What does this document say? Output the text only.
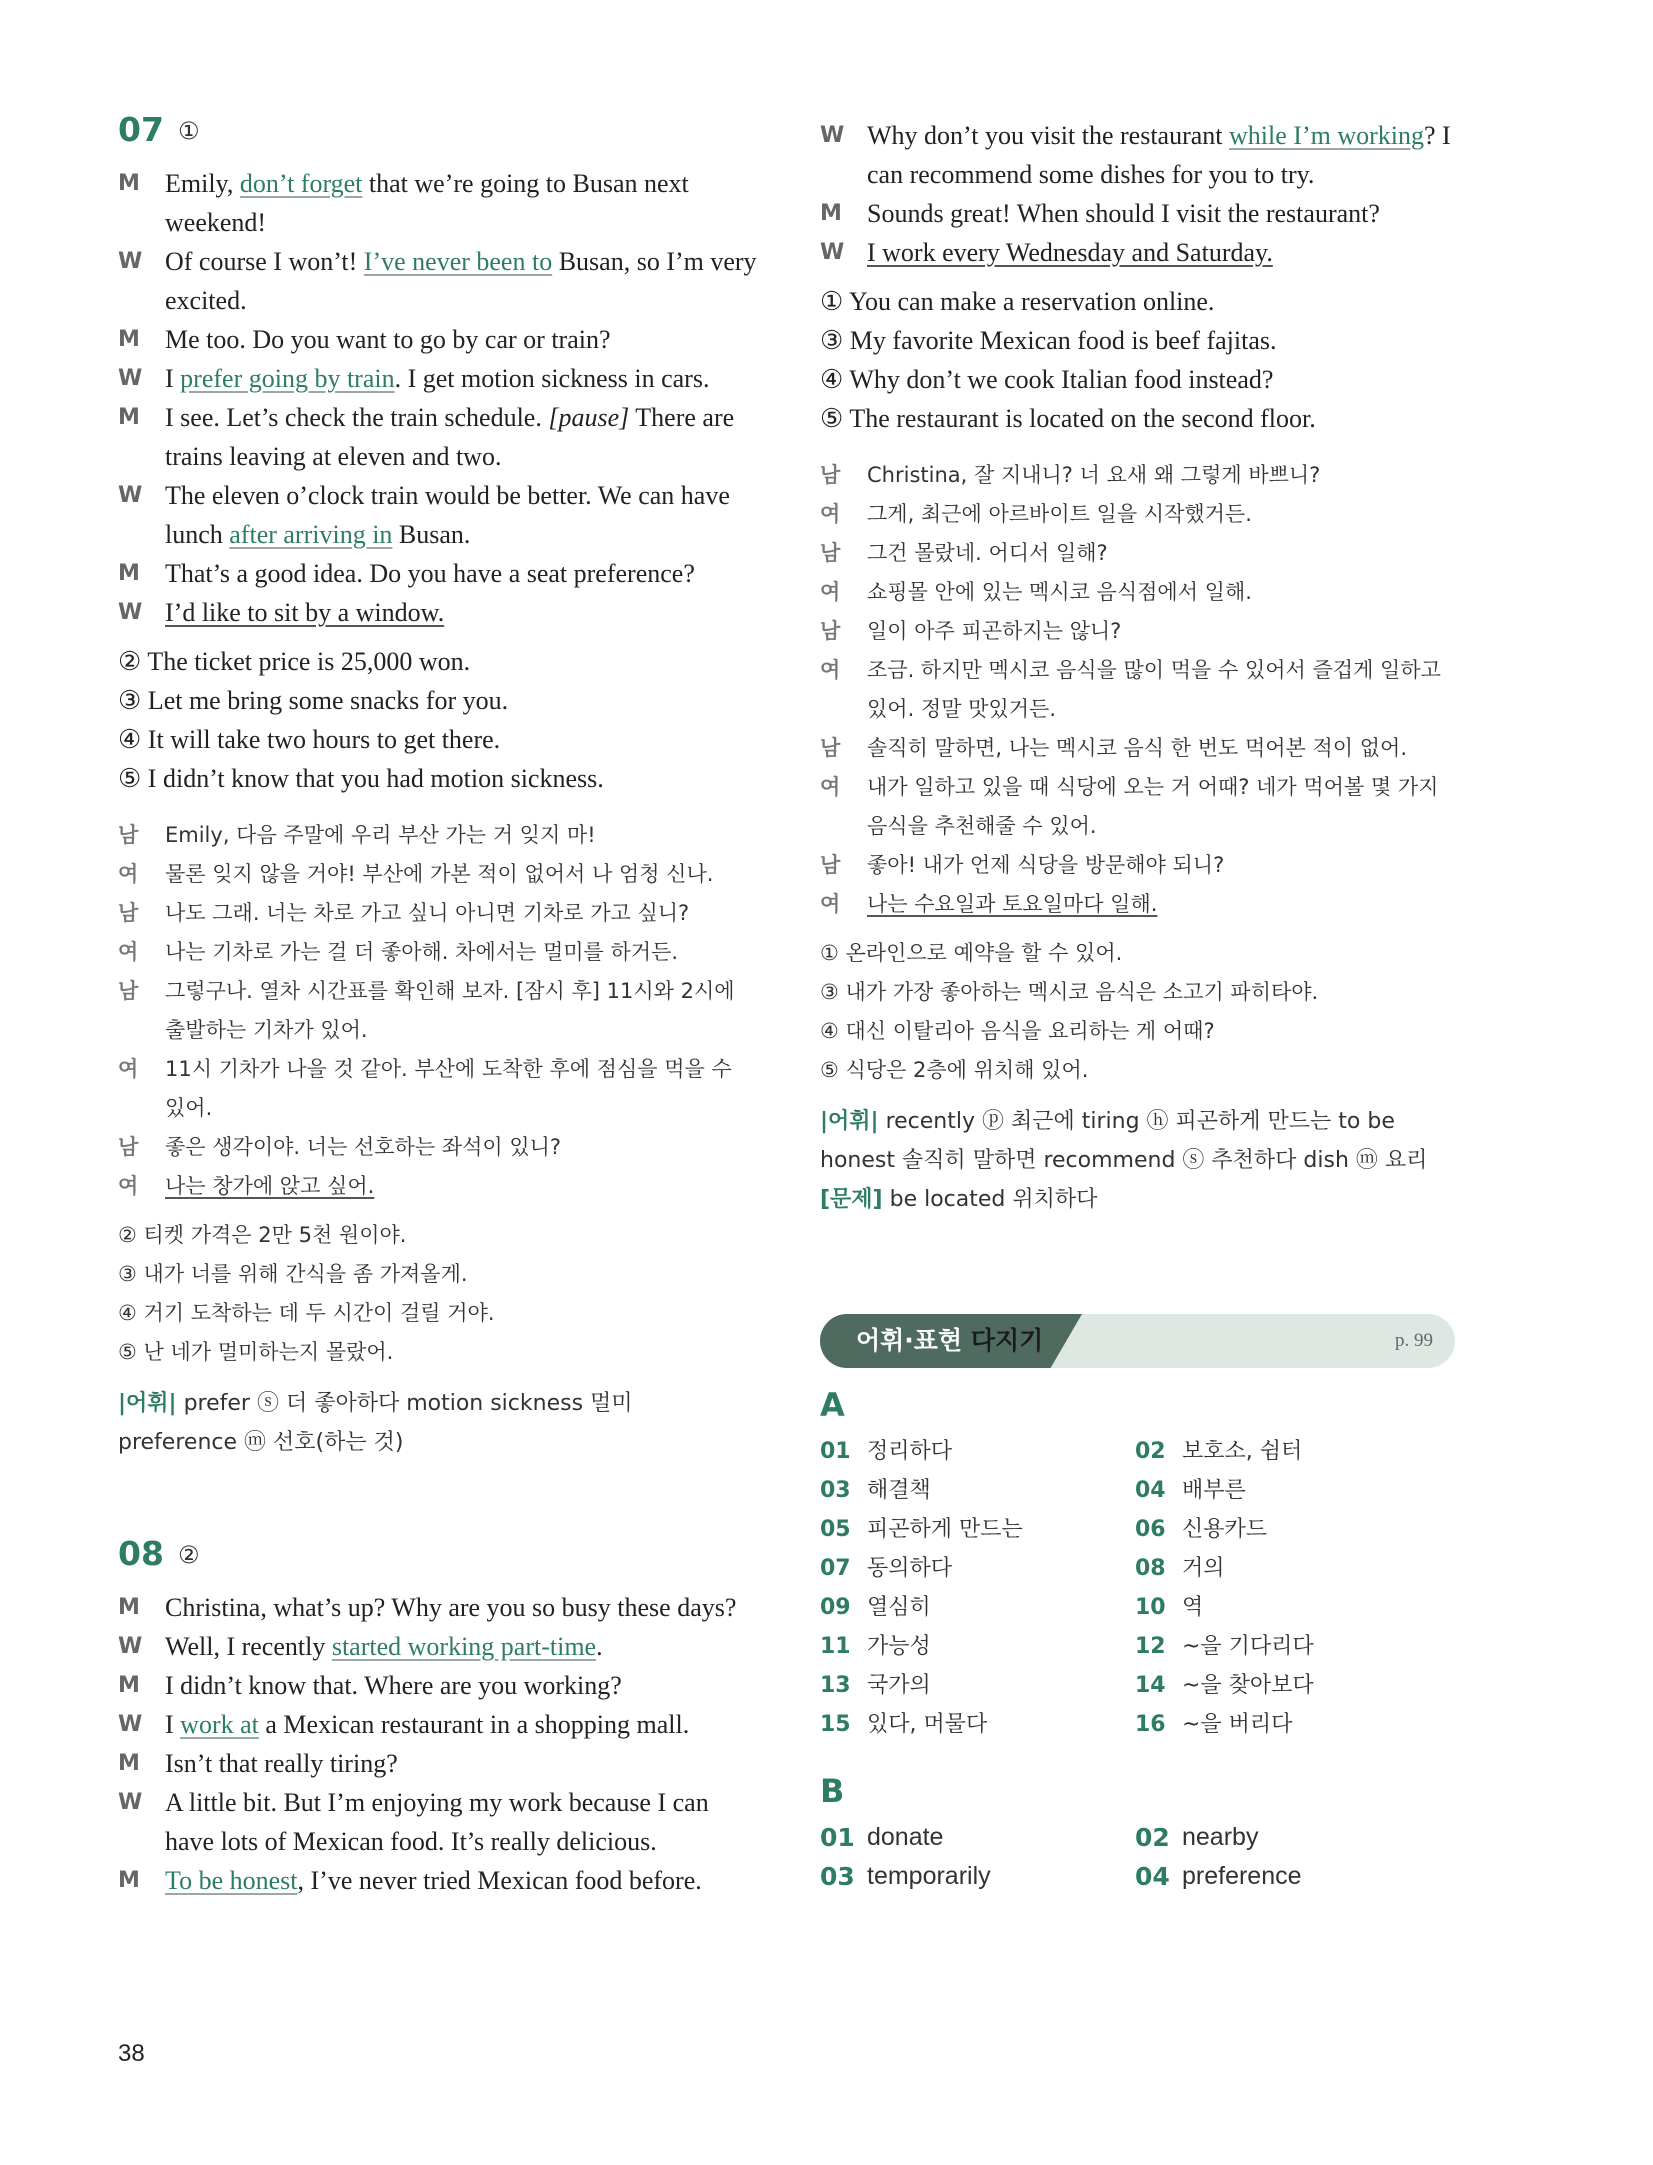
07 ①
M Emily, don’t forget that we’re going to Busan next weekend!
W Of course I won’t! I’ve never been to Busan, so I’m very excited.
M Me too. Do you want to go by car or train?
W I prefer going by train. I get motion sickness in cars.
M I see. Let’s check the train schedule. [pause] There are trains leaving at eleven and two.
W The eleven o’clock train would be better. We can have lunch after arriving in Busan.
M That’s a good idea. Do you have a seat preference?
W I’d like to sit by a window.
② The ticket price is 25,000 won.
③ Let me bring some snacks for you.
④ It will take two hours to get there.
⑤ I didn’t know that you had motion sickness.
남	Emily, 다음 주말에 우리 부산 가는 거 잊지 마!
여	물론 잊지 않을 거야! 부산에 가본 적이 없어서 나 엄청 신나.
남	나도 그래. 너는 차로 가고 싶니 아니면 기차로 가고 싶니?
여	나는 기차로 가는 걸 더 좋아해. 차에서는 멀미를 하거든.
남	그렇구나. 열차 시간표를 확인해 보자. [잠시 후] 11시와 2시에 출발하는 기차가 있어.
여	11시 기차가 나을 것 같아. 부산에 도착한 후에 점심을 먹을 수 있어.
남	좋은 생각이야. 너는 선호하는 좌석이 있니?
여	나는 창가에 앉고 싶어.
② 티켓 가격은 2만 5천 원이야.
③ 내가 너를 위해 간식을 좀 가져올게.
④ 거기 도착하는 데 두 시간이 걸릴 거야.
⑤ 난 네가 멀미하는지 몰랐어.
|어휘| prefer ⓢ 더 좋아하다 motion sickness 멀미 preference ⓜ 선호(하는 것)
08 ②
M Christina, what’s up? Why are you so busy these days?
W Well, I recently started working part-time.
M I didn’t know that. Where are you working?
W I work at a Mexican restaurant in a shopping mall.
M Isn’t that really tiring?
W A little bit. But I’m enjoying my work because I can have lots of Mexican food. It’s really delicious.
M To be honest, I’ve never tried Mexican food before.
W Why don’t you visit the restaurant while I’m working? I can recommend some dishes for you to try.
M Sounds great! When should I visit the restaurant?
W I work every Wednesday and Saturday.
① You can make a reservation online.
③ My favorite Mexican food is beef fajitas.
④ Why don’t we cook Italian food instead?
⑤ The restaurant is located on the second floor.
남	Christina, 잘 지내니? 너 요새 왜 그렇게 바쁘니?
여	그게, 최근에 아르바이트 일을 시작했거든.
남	그건 몰랐네. 어디서 일해?
여	쇼핑몰 안에 있는 멕시코 음식점에서 일해.
남	일이 아주 피곤하지는 않니?
여	조금. 하지만 멕시코 음식을 많이 먹을 수 있어서 즐겁게 일하고 있어. 정말 맛있거든.
남	솔직히 말하면, 나는 멕시코 음식 한 번도 먹어본 적이 없어.
여	내가 일하고 있을 때 식당에 오는 거 어때? 네가 먹어볼 몇 가지 음식을 추천해줄 수 있어.
남	좋아! 내가 언제 식당을 방문해야 되니?
여	나는 수요일과 토요일마다 일해.
① 온라인으로 예약을 할 수 있어.
③ 내가 가장 좋아하는 멕시코 음식은 소고기 파히타야.
④ 대신 이탈리아 음식을 요리하는 게 어때?
⑤ 식당은 2층에 위치해 있어.
|어휘| recently ⓟ 최근에 tiring ⓗ 피곤하게 만드는 to be honest 솔직히 말하면 recommend ⓢ 추천하다 dish ⓜ 요리
[문제] be located 위치하다
어휘·표현 다지기	p. 99
A
01 정리하다	02 보호소, 쉼터
03 해결책	04 배부른
05 피곤하게 만드는	06 신용카드
07 동의하다	08 거의
09 열심히	10 역
11 가능성	12 ~을 기다리다
13 국가의	14 ~을 찾아보다
15 있다, 머물다	16 ~을 버리다
B
01 donate	02 nearby
03 temporarily	04 preference
38
